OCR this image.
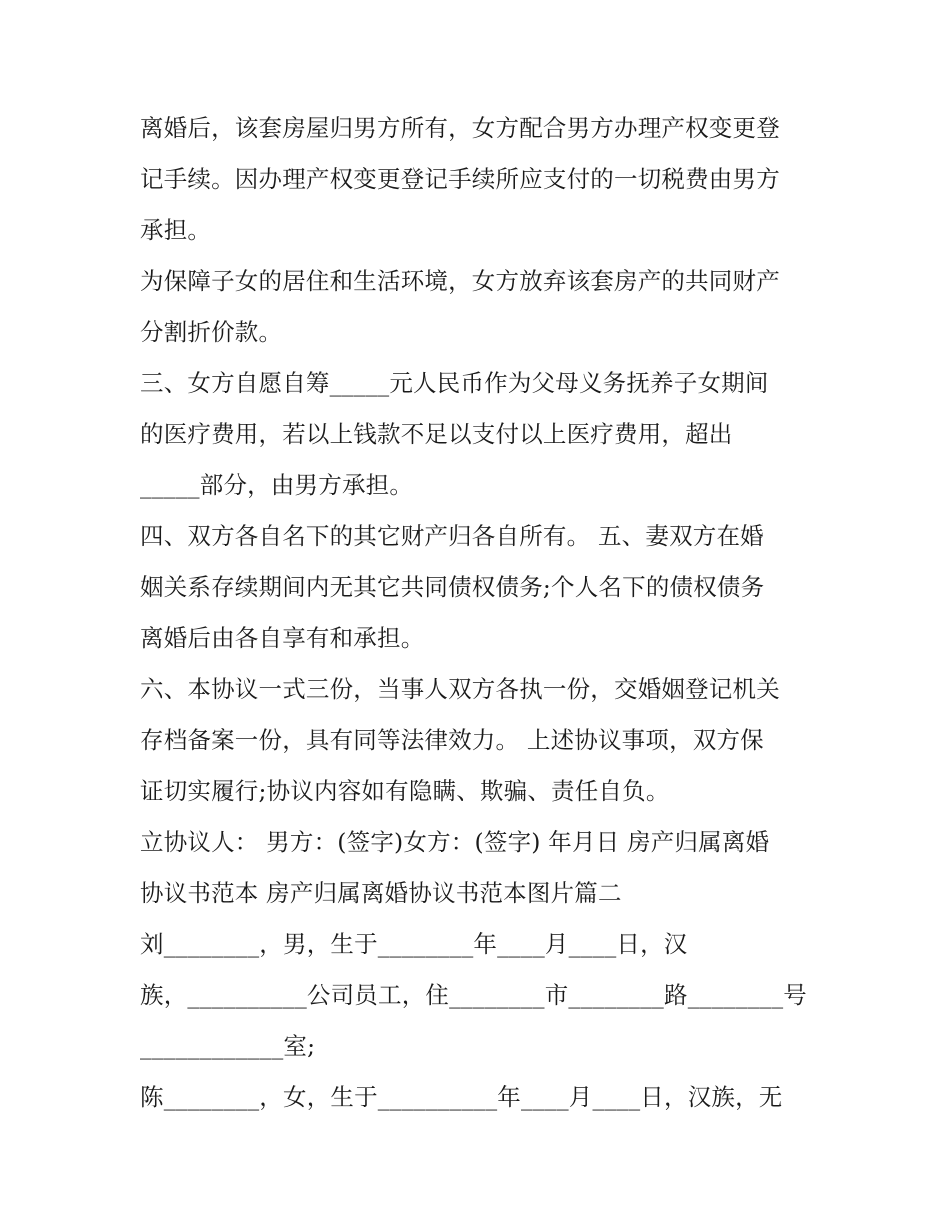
离婚后，该套房屋归男方所有，女方配合男方办理产权变更登
记手续。因办理产权变更登记手续所应支付的一切税费由男方
承担。
为保障子女的居住和生活环境，女方放弃该套房产的共同财产
分割折价款。
三、女方自愿自筹_____元人民币作为父母义务抚养子女期间
的医疗费用，若以上钱款不足以支付以上医疗费用，超出
_____部分，由男方承担。
四、双方各自名下的其它财产归各自所有。 五、妻双方在婚
姻关系存续期间内无其它共同债权债务;个人名下的债权债务
离婚后由各自享有和承担。
六、本协议一式三份，当事人双方各执一份，交婚姻登记机关
存档备案一份，具有同等法律效力。 上述协议事项，双方保
证切实履行;协议内容如有隐瞒、欺骗、责任自负。
立协议人： 男方：(签字)女方：(签字) 年月日 房产归属离婚
协议书范本 房产归属离婚协议书范本图片篇二
刘________，男，生于________年____月____日，汉
族，__________公司员工，住________市________路________号
____________室;
陈________，女，生于__________年____月____日，汉族，无
